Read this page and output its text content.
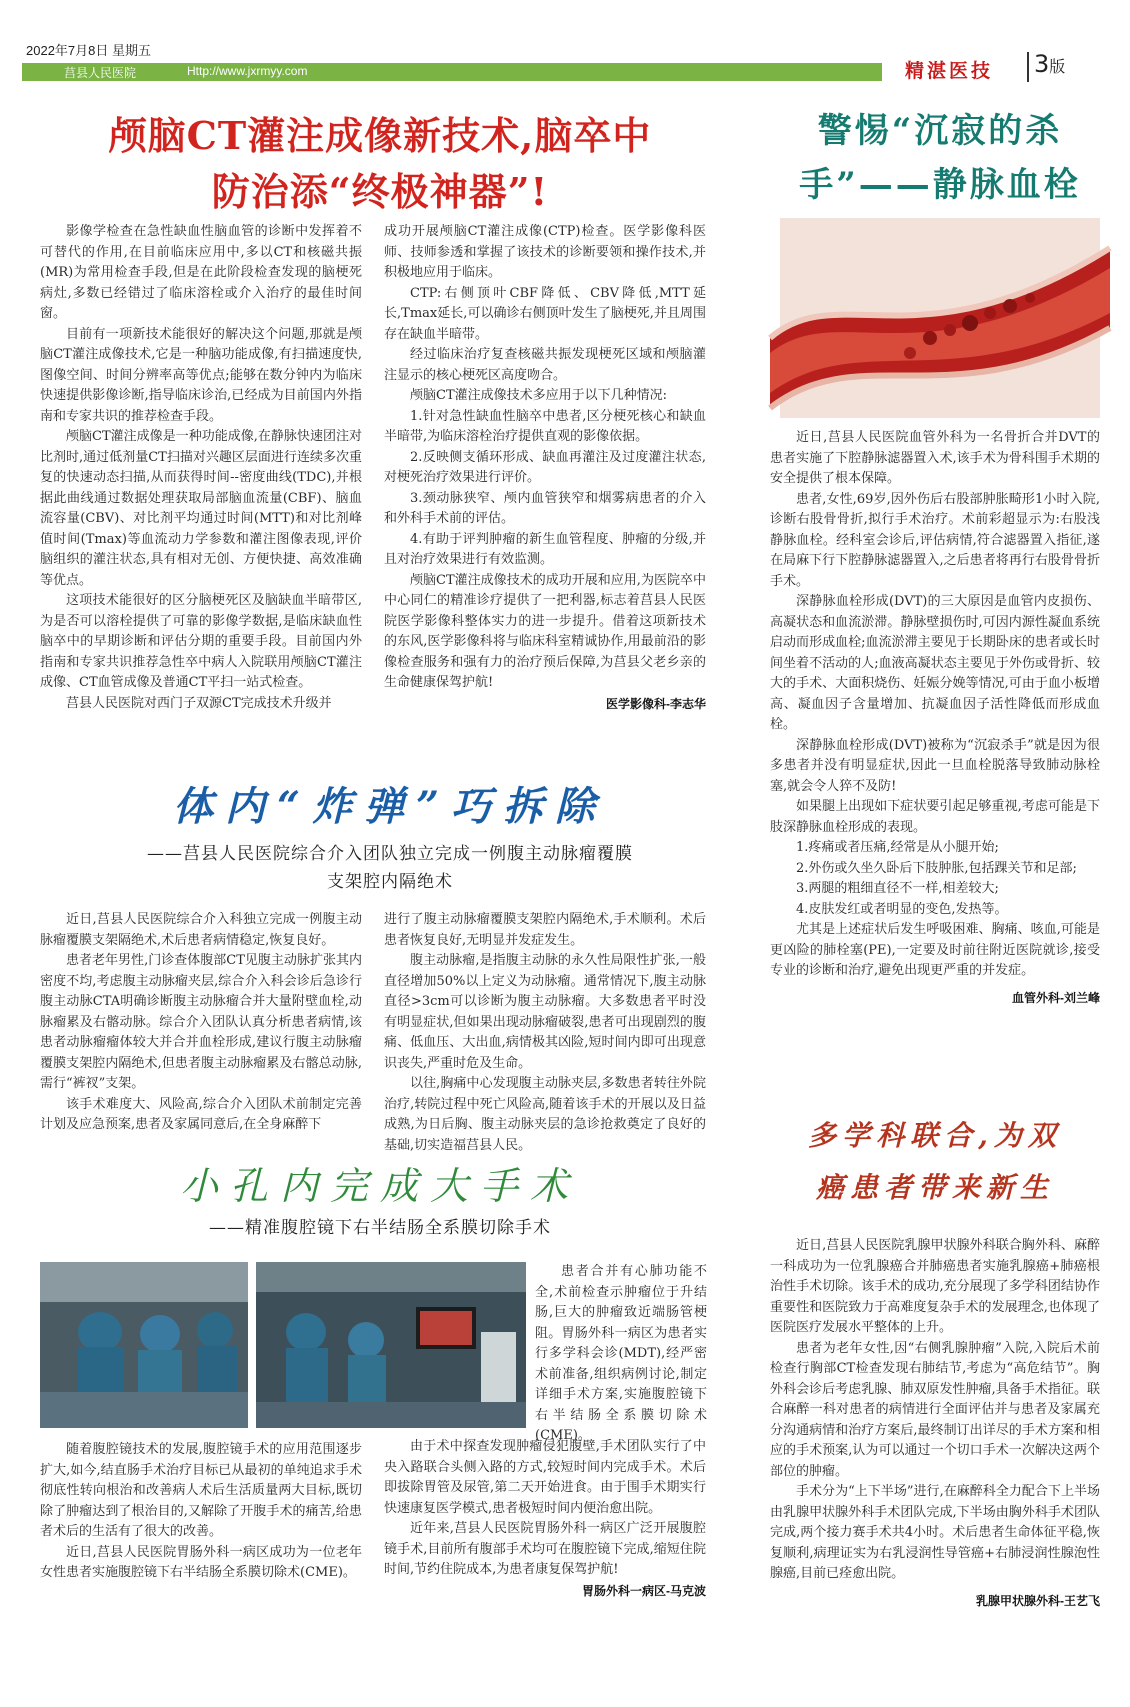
2022年7月8日 星期五
莒县人民医院	Http://www.jxrmyy.com	精湛医技 3版
颅脑CT灌注成像新技术,脑卒中
防治添“终极神器”!

影像学检查在急性缺血性脑血管的诊断中发挥着不可替代的作用,在目前临床应用中,多以CT和核磁共振(MR)为常用检查手段,但是在此阶段检查发现的脑梗死病灶,多数已经错过了临床溶栓或介入治疗的最佳时间窗。

目前有一项新技术能很好的解决这个问题,那就是颅脑CT灌注成像技术,它是一种脑功能成像,有扫描速度快,图像空间、时间分辨率高等优点;能够在数分钟内为临床快速提供影像诊断,指导临床诊治,已经成为目前国内外指南和专家共识的推荐检查手段。

颅脑CT灌注成像是一种功能成像,在静脉快速团注对比剂时,通过低剂量CT扫描对兴趣区层面进行连续多次重复的快速动态扫描,从而获得时间--密度曲线(TDC),并根据此曲线通过数据处理获取局部脑血流量(CBF)、脑血流容量(CBV)、对比剂平均通过时间(MTT)和对比剂峰值时间(Tmax)等血流动力学参数和灌注图像表现,评价脑组织的灌注状态,具有相对无创、方便快捷、高效准确等优点。

这项技术能很好的区分脑梗死区及脑缺血半暗带区,为是否可以溶栓提供了可靠的影像学数据,是临床缺血性脑卒中的早期诊断和评估分期的重要手段。目前国内外指南和专家共识推荐急性卒中病人入院联用颅脑CT灌注成像、CT血管成像及普通CT平扫一站式检查。

莒县人民医院对西门子双源CT完成技术升级并

成功开展颅脑CT灌注成像(CTP)检查。医学影像科医师、技师参透和掌握了该技术的诊断要领和操作技术,并积极地应用于临床。

CTP:右侧顶叶CBF降低、CBV降低,MTT延长,Tmax延长,可以确诊右侧顶叶发生了脑梗死,并且周围存在缺血半暗带。

经过临床治疗复查核磁共振发现梗死区域和颅脑灌注显示的核心梗死区高度吻合。

颅脑CT灌注成像技术多应用于以下几种情况:

1.针对急性缺血性脑卒中患者,区分梗死核心和缺血半暗带,为临床溶栓治疗提供直观的影像依据。

2.反映侧支循环形成、缺血再灌注及过度灌注状态,对梗死治疗效果进行评价。

3.颈动脉狭窄、颅内血管狭窄和烟雾病患者的介入和外科手术前的评估。

4.有助于评判肿瘤的新生血管程度、肿瘤的分级,并且对治疗效果进行有效监测。

颅脑CT灌注成像技术的成功开展和应用,为医院卒中中心同仁的精准诊疗提供了一把利器,标志着莒县人民医院医学影像科整体实力的进一步提升。借着这项新技术的东风,医学影像科将与临床科室精诚协作,用最前沿的影像检查服务和强有力的治疗预后保障,为莒县父老乡亲的生命健康保驾护航!

医学影像科-李志华
警惕“沉寂的杀
手”——静脉血栓

近日,莒县人民医院血管外科为一名骨折合并DVT的患者实施了下腔静脉滤器置入术,该手术为骨科围手术期的安全提供了根本保障。

患者,女性,69岁,因外伤后右股部肿胀畸形1小时入院,诊断右股骨骨折,拟行手术治疗。术前彩超显示为:右股浅静脉血栓。经科室会诊后,评估病情,符合滤器置入指征,遂在局麻下行下腔静脉滤器置入,之后患者将再行右股骨骨折手术。

深静脉血栓形成(DVT)的三大原因是血管内皮损伤、高凝状态和血流淤滞。静脉壁损伤时,可因内源性凝血系统启动而形成血栓;血流淤滞主要见于长期卧床的患者或长时间坐着不活动的人;血液高凝状态主要见于外伤或骨折、较大的手术、大面积烧伤、妊娠分娩等情况,可由于血小板增高、凝血因子含量增加、抗凝血因子活性降低而形成血栓。

深静脉血栓形成(DVT)被称为“沉寂杀手”就是因为很多患者并没有明显症状,因此一旦血栓脱落导致肺动脉栓塞,就会令人猝不及防!

如果腿上出现如下症状要引起足够重视,考虑可能是下肢深静脉血栓形成的表现。

1.疼痛或者压痛,经常是从小腿开始;

2.外伤或久坐久卧后下肢肿胀,包括踝关节和足部;

3.两腿的粗细直径不一样,相差较大;

4.皮肤发红或者明显的变色,发热等。

尤其是上述症状后发生呼吸困难、胸痛、咳血,可能是更凶险的肺栓塞(PE),一定要及时前往附近医院就诊,接受专业的诊断和治疗,避免出现更严重的并发症。

血管外科-刘兰峰
体内“炸弹”巧拆除
——莒县人民医院综合介入团队独立完成一例腹主动脉瘤覆膜
支架腔内隔绝术

近日,莒县人民医院综合介入科独立完成一例腹主动脉瘤覆膜支架隔绝术,术后患者病情稳定,恢复良好。

患者老年男性,门诊查体腹部CT见腹主动脉扩张其内密度不均,考虑腹主动脉瘤夹层,综合介入科会诊后急诊行腹主动脉CTA明确诊断腹主动脉瘤合并大量附壁血栓,动脉瘤累及右髂动脉。综合介入团队认真分析患者病情,该患者动脉瘤瘤体较大并合并血栓形成,建议行腹主动脉瘤覆膜支架腔内隔绝术,但患者腹主动脉瘤累及右髂总动脉,需行“裤衩”支架。

该手术难度大、风险高,综合介入团队术前制定完善计划及应急预案,患者及家属同意后,在全身麻醉下

进行了腹主动脉瘤覆膜支架腔内隔绝术,手术顺利。术后患者恢复良好,无明显并发症发生。

腹主动脉瘤,是指腹主动脉的永久性局限性扩张,一般直径增加50%以上定义为动脉瘤。通常情况下,腹主动脉直径>3cm可以诊断为腹主动脉瘤。大多数患者平时没有明显症状,但如果出现动脉瘤破裂,患者可出现剧烈的腹痛、低血压、大出血,病情极其凶险,短时间内即可出现意识丧失,严重时危及生命。

以往,胸痛中心发现腹主动脉夹层,多数患者转往外院治疗,转院过程中死亡风险高,随着该手术的开展以及日益成熟,为日后胸、腹主动脉夹层的急诊抢救奠定了良好的基础,切实造福莒县人民。

小孔内完成大手术
——精准腹腔镜下右半结肠全系膜切除手术

随着腹腔镜技术的发展,腹腔镜手术的应用范围逐步扩大,如今,结直肠手术治疗目标已从最初的单纯追求手术彻底性转向根治和改善病人术后生活质量两大目标,既切除了肿瘤达到了根治目的,又解除了开腹手术的痛苦,给患者术后的生活有了很大的改善。

近日,莒县人民医院胃肠外科一病区成功为一位老年女性患者实施腹腔镜下右半结肠全系膜切除术(CME)。

患者合并有心肺功能不全,术前检查示肿瘤位于升结肠,巨大的肿瘤致近端肠管梗阻。胃肠外科一病区为患者实行多学科会诊(MDT),经严密术前准备,组织病例讨论,制定详细手术方案,实施腹腔镜下右半结肠全系膜切除术(CME)。

由于术中探查发现肿瘤侵犯腹壁,手术团队实行了中央入路联合头侧入路的方式,较短时间内完成手术。术后即拔除胃管及尿管,第二天开始进食。由于围手术期实行快速康复医学模式,患者极短时间内便治愈出院。

近年来,莒县人民医院胃肠外科一病区广泛开展腹腔镜手术,目前所有腹部手术均可在腹腔镜下完成,缩短住院时间,节约住院成本,为患者康复保驾护航!

胃肠外科一病区-马克波
多学科联合,为双
癌患者带来新生

近日,莒县人民医院乳腺甲状腺外科联合胸外科、麻醉一科成功为一位乳腺癌合并肺癌患者实施乳腺癌+肺癌根治性手术切除。该手术的成功,充分展现了多学科团结协作重要性和医院致力于高难度复杂手术的发展理念,也体现了医院医疗发展水平整体的上升。

患者为老年女性,因“右侧乳腺肿瘤”入院,入院后术前检查行胸部CT检查发现右肺结节,考虑为“高危结节”。胸外科会诊后考虑乳腺、肺双原发性肿瘤,具备手术指征。联合麻醉一科对患者的病情进行全面评估并与患者及家属充分沟通病情和治疗方案后,最终制订出详尽的手术方案和相应的手术预案,认为可以通过一个切口手术一次解决这两个部位的肿瘤。

手术分为“上下半场”进行,在麻醉科全力配合下上半场由乳腺甲状腺外科手术团队完成,下半场由胸外科手术团队完成,两个接力赛手术共4小时。术后患者生命体征平稳,恢复顺利,病理证实为右乳浸润性导管癌+右肺浸润性腺泡性腺癌,目前已痊愈出院。

乳腺甲状腺外科-王艺飞
